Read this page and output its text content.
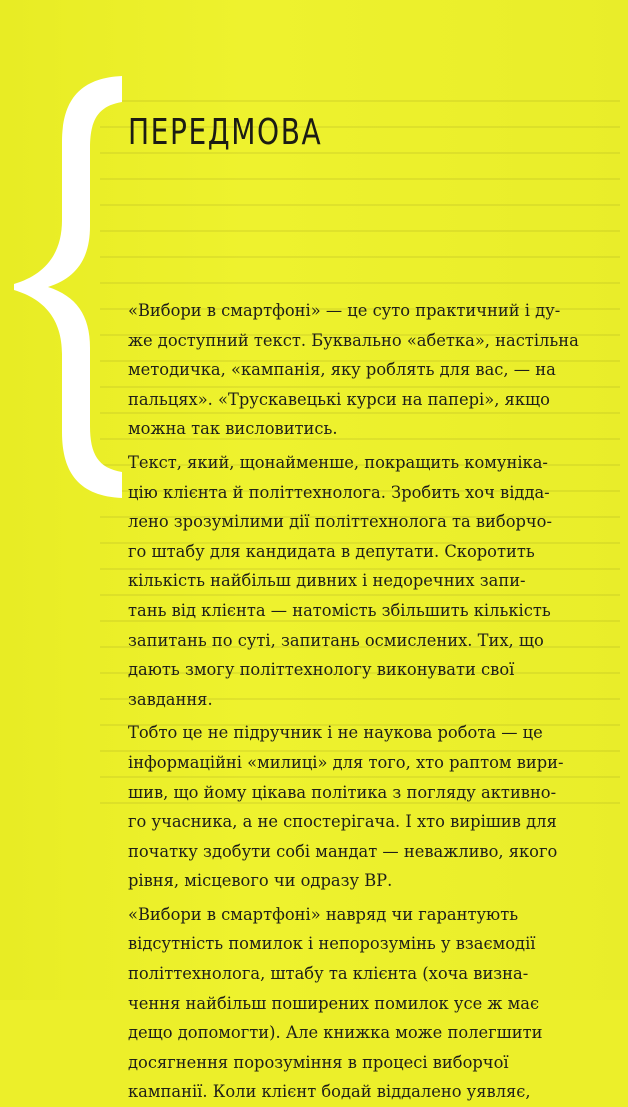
ПЕРЕДМОВА
«Вибори в смартфоні» — це суто практичний і ду-
же доступний текст. Буквально «абетка», настільна
методичка, «кампанія, яку роблять для вас, — на
пальцях». «Трускавецькі курси на папері», якщо
можна так висловитись.
Текст, який, щонайменше, покращить комуніка-
цію клієнта й політтехнолога. Зробить хоч віддa-
лено зрозумілими дії політтехнолога та виборчо-
го штабу для кандидата в депутати. Скоротить
кількість найбільш дивних і недоречних запи-
тань від клієнта — натомість збільшить кількість
запитань по суті, запитань осмислених. Тих, що
дають змогу політтехнологу виконувати свої
завдання.
Тобто це не підручник і не наукова робота — це
інформаційні «милиці» для того, хто раптом вири-
шив, що йому цікава політика з погляду активно-
го учасника, а не спостерігача. І хто вирішив для
початку здобути собі мандат — неважливо, якого
рівня, місцевого чи одразу ВР.
«Вибори в смартфоні» навряд чи гарантують
відсутність помилок і непорозумінь у взаємодії
політтехнолога, штабу та клієнта (хоча визна-
чення найбільш поширених помилок усе ж має
дещо допомогти). Але книжка може полегшити
досягнення порозуміння в процесі виборчої
кампанії. Коли клієнт бодай віддалено уявляє,
